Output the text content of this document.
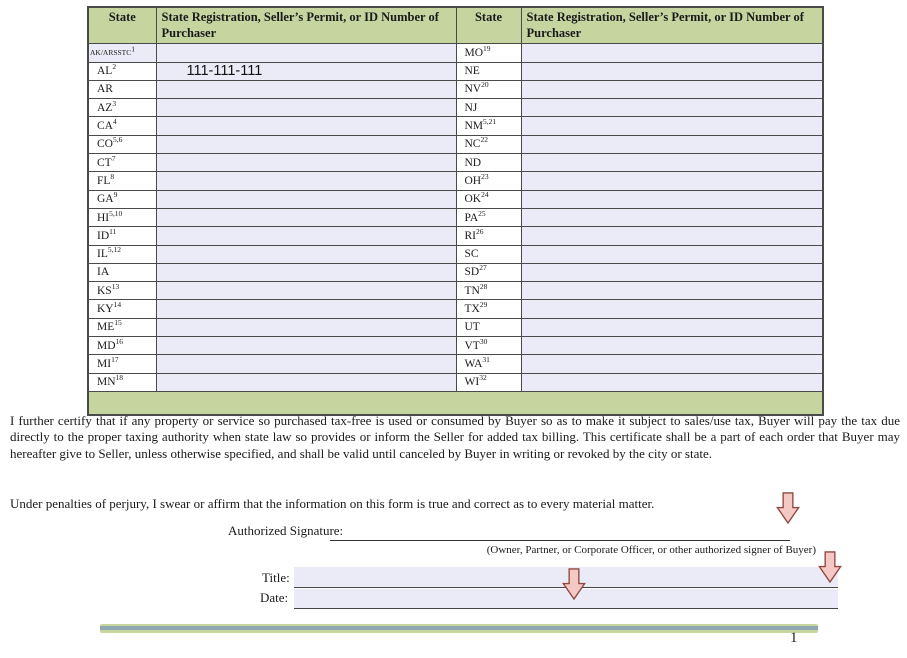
State	State Registration, Seller’s Permit, or ID Number of Purchaser	State	State Registration, Seller’s Permit, or ID Number of Purchaser
AK/ARSSTC$^1$		MO$^{19}$	
$AL^2$	111-111-111	NE	
AR		NV$^{20}$	
$AZ^3$		NJ	
$CA^4$		NM$^{5,21}$	
CO$^{5,6}$		NC$^{22}$	
$CT^7$		ND	
$FL^8$		OH$^{23}$	
$GA^9$		OK$^{24}$	
HI$^{5,10}$		PA$^{25}$	
ID$^{11}$		RI$^{26}$	
IL$^{5,12}$		SC	
IA		SD$^{27}$	
KS$^{13}$		TN$^{28}$	
KY$^{14}$		TX$^{29}$	
ME$^{15}$		UT	
MD$^{16}$		VT$^{30}$	
MI$^{17}$		WA$^{31}$	
MN$^{18}$		WI$^{32}$	

I further certify that if any property or service so purchased tax-free is used or consumed by Buyer so as to make it subject to sales/use tax, Buyer will pay the tax due directly to the proper taxing authority when state law so provides or inform the Seller for added tax billing. This certificate shall be a part of each order that Buyer may hereafter give to Seller, unless otherwise specified, and shall be valid until canceled by Buyer in writing or revoked by the city or state.
Under penalties of perjury, I swear or affirm that the information on this form is true and correct as to every material matter.
Authorized Signature:
(Owner, Partner, or Corporate Officer, or other authorized signer of Buyer)
Title:
Date:
1
